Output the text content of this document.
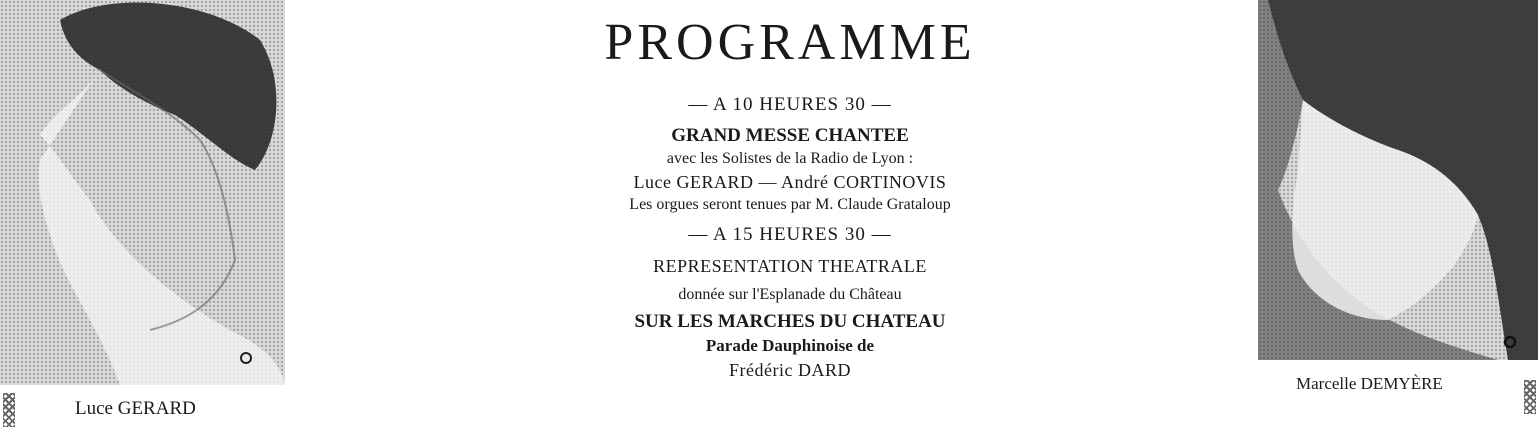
Luce GERARD
PROGRAMME
— A 10 HEURES 30 —
GRAND MESSE CHANTEE
avec les Solistes de la Radio de Lyon :
Luce GERARD — André CORTINOVIS
Les orgues seront tenues par M. Claude Grataloup
— A 15 HEURES 30 —
REPRESENTATION THEATRALE
donnée sur l'Esplanade du Château
SUR LES MARCHES DU CHATEAU
Parade Dauphinoise de
Frédéric DARD
Marcelle DEMYÈRE
